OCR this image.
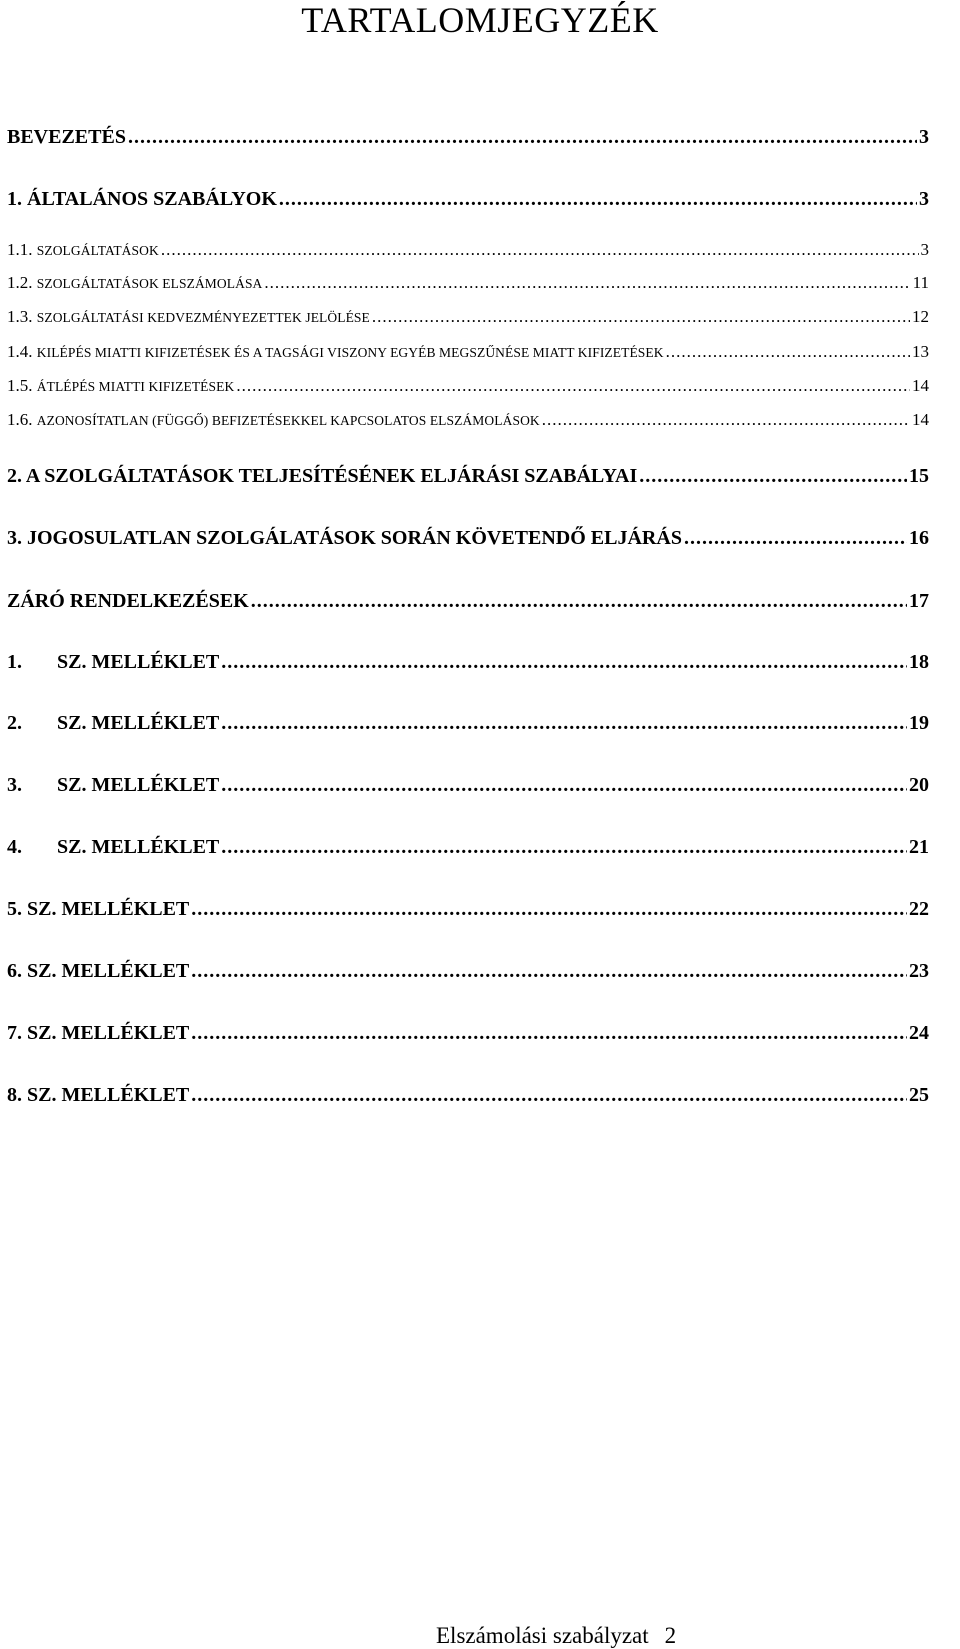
TARTALOMJEGYZÉK
BEVEZETÉS .....	3
1. ÁLTALÁNOS SZABÁLYOK .....	3
1.1. SZOLGÁLTATÁSOK .....	3
1.2. SZOLGÁLTATÁSOK ELSZÁMOLÁSA .....	11
1.3. SZOLGÁLTATÁSI KEDVEZMÉNYEZETTEK JELÖLÉSE .....	12
1.4. KILÉPÉS MIATTI KIFIZETÉSEK ÉS A TAGSÁGI VISZONY EGYÉB MEGSZŰNÉSE MIATT KIFIZETÉSEK .....	13
1.5. ÁTLÉPÉS MIATTI KIFIZETÉSEK .....	14
1.6. AZONOSÍTATLAN (FÜGGŐ) BEFIZETÉSEKKEL KAPCSOLATOS ELSZÁMOLÁSOK .....	14
2. A SZOLGÁLTATÁSOK TELJESÍTÉSÉNEK ELJÁRÁSI SZABÁLYAI .....	15
3. JOGOSULATLAN SZOLGÁLATÁSOK SORÁN KÖVETENDŐ ELJÁRÁS .....	16
ZÁRÓ RENDELKEZÉSEK .....	17
1. SZ. MELLÉKLET .....	18
2. SZ. MELLÉKLET .....	19
3. SZ. MELLÉKLET .....	20
4. SZ. MELLÉKLET .....	21
5. SZ. MELLÉKLET .....	22
6. SZ. MELLÉKLET .....	23
7. SZ. MELLÉKLET .....	24
8. SZ. MELLÉKLET .....	25
Elszámolási szabályzat 2
